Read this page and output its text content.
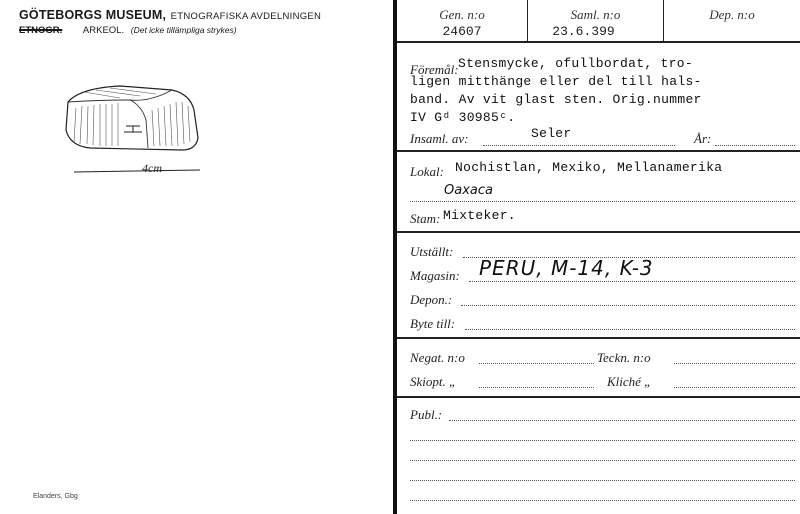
GÖTEBORGS MUSEUM, ETNOGRAFISKA AVDELNINGEN
ETNOGR. ARKEOL. (Det icke tillämpliga strykes)
4cm
Elanders, Gbg
Gen. n:o
24607
Saml. n:o
23.6.399
Dep. n:o
Föremål: Stensmycke, ofullbordat, tro-
ligen mitthänge eller del till hals-
band. Av vit glast sten. Orig.nummer
IV Gᵈ 30985ᶜ.
Insaml. av:	Seler	År:
Lokal: Nochistlan, Mexiko, Mellanamerika
Oaxaca
Stam: Mixteker.
Utställt:
Magasin: PERU, M-14, K-3
Depon.:
Byte till:
Negat. n:o	Teckn. n:o
Skiopt. „	Kliché „
Publ.:
